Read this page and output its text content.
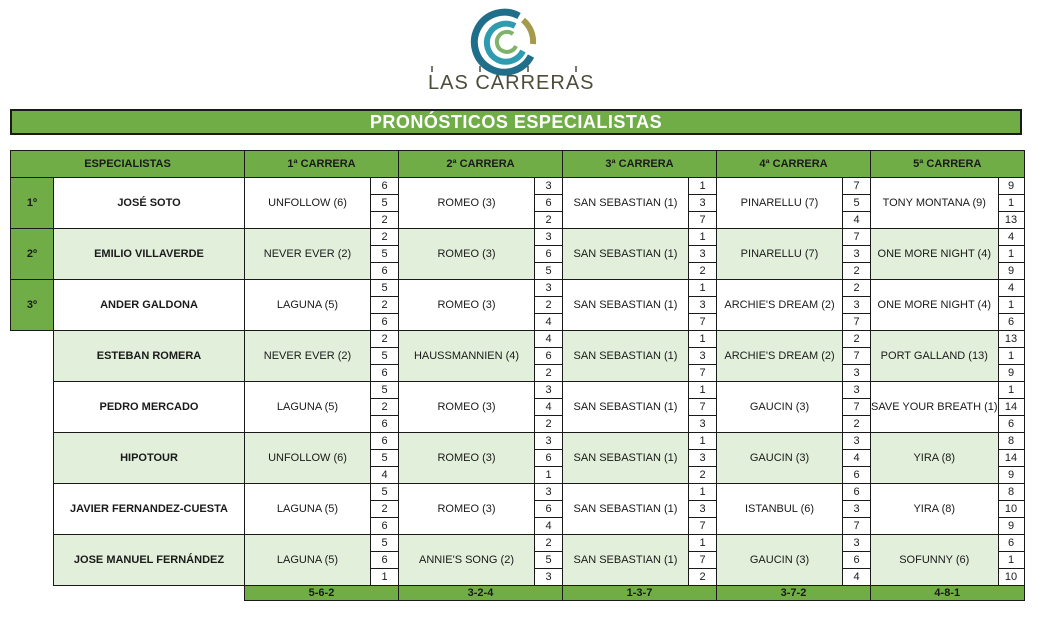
LAS CARRERAS
PRONÓSTICOS ESPECIALISTAS
ESPECIALISTAS		1ª CARRERA		2ª CARRERA		3ª CARRERA		4ª CARRERA		5ª CARRERA	
1º	JOSÉ SOTO	UNFOLLOW (6)	6	ROMEO (3)	3	SAN SEBASTIAN (1)	1	PINARELLU (7)	7	TONY MONTANA (9)	9
			5		6		3		5		1
			2		2		7		4		13
2º	EMILIO VILLAVERDE	NEVER EVER (2)	2	ROMEO (3)	3	SAN SEBASTIAN (1)	1	PINARELLU (7)	7	ONE MORE NIGHT (4)	4
			5		6		3		3		1
			6		5		2		2		9
3º	ANDER GALDONA	LAGUNA (5)	5	ROMEO (3)	3	SAN SEBASTIAN (1)	1	ARCHIE'S DREAM (2)	2	ONE MORE NIGHT (4)	4
			2		2		3		3		1
			6		4		7		7		6
	ESTEBAN ROMERA	NEVER EVER (2)	2	HAUSSMANNIEN (4)	4	SAN SEBASTIAN (1)	1	ARCHIE'S DREAM (2)	2	PORT GALLAND (13)	13
			5		6		3		7		1
			6		2		7		3		9
	PEDRO MERCADO	LAGUNA (5)	5	ROMEO (3)	3	SAN SEBASTIAN (1)	1	GAUCIN (3)	3	SAVE YOUR BREATH (1)	1
			2		4		7		7		14
			6		2		3		2		6
	HIPOTOUR	UNFOLLOW (6)	6	ROMEO (3)	3	SAN SEBASTIAN (1)	1	GAUCIN (3)	3	YIRA (8)	8
			5		6		3		4		14
			4		1		2		6		9
	JAVIER FERNANDEZ-CUESTA	LAGUNA (5)	5	ROMEO (3)	3	SAN SEBASTIAN (1)	1	ISTANBUL (6)	6	YIRA (8)	8
			2		6		3		3		10
			6		4		7		7		9
	JOSE MANUEL FERNÁNDEZ	LAGUNA (5)	5	ANNIE'S SONG (2)	2	SAN SEBASTIAN (1)	1	GAUCIN (3)	3	SOFUNNY (6)	6
			6		5		7		6		1
			1		3		2		4		10
		5-6-2		3-2-4		1-3-7		3-7-2		4-8-1	
